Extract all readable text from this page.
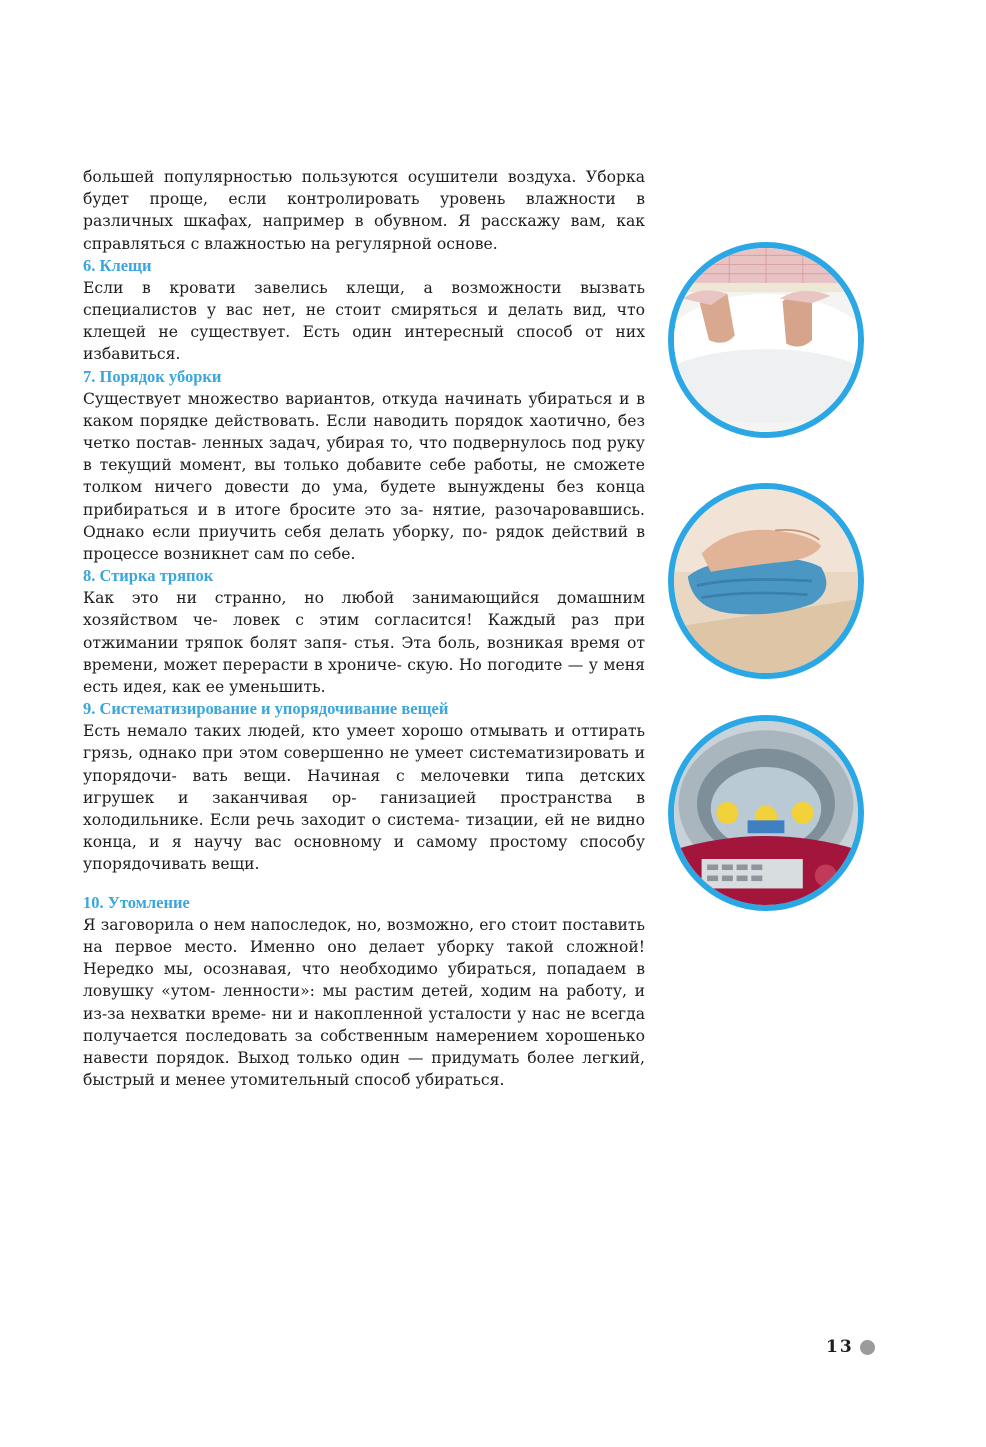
большей популярностью пользуются осушители воздуха. Уборка будет проще, если контролировать уровень влажности в различных шкафах, например в обувном. Я расскажу вам, как справляться с влажностью на регулярной основе.

6. Клещи

Если в кровати завелись клещи, а возможности вызвать специалистов у вас нет, не стоит смиряться и делать вид, что клещей не существует. Есть один интересный способ от них избавиться.

7. Порядок уборки

Существует множество вариантов, откуда начинать убираться и в каком порядке действовать. Если наводить порядок хаотично, без четко постав- ленных задач, убирая то, что подвернулось под руку в текущий момент, вы только добавите себе работы, не сможете толком ничего довести до ума, будете вынуждены без конца прибираться и в итоге бросите это за- нятие, разочаровавшись. Однако если приучить себя делать уборку, по- рядок действий в процессе возникнет сам по себе.

8. Стирка тряпок

Как это ни странно, но любой занимающийся домашним хозяйством че- ловек с этим согласится! Каждый раз при отжимании тряпок болят запя- стья. Эта боль, возникая время от времени, может перерасти в хрониче- скую. Но погодите — у меня есть идея, как ее уменьшить.

9. Систематизирование и упорядочивание вещей

Есть немало таких людей, кто умеет хорошо отмывать и оттирать грязь, однако при этом совершенно не умеет систематизировать и упорядочи- вать вещи. Начиная с мелочевки типа детских игрушек и заканчивая ор- ганизацией пространства в холодильнике. Если речь заходит о система- тизации, ей не видно конца, и я научу вас основному и самому простому способу упорядочивать вещи.

10. Утомление

Я заговорила о нем напоследок, но, возможно, его стоит поставить на первое место. Именно оно делает уборку такой сложной! Нередко мы, осознавая, что необходимо убираться, попадаем в ловушку «утом- ленности»: мы растим детей, ходим на работу, и из-за нехватки време- ни и накопленной усталости у нас не всегда получается последовать за собственным намерением хорошенько навести порядок. Выход только один — придумать более легкий, быстрый и менее утомительный способ убираться.

13
